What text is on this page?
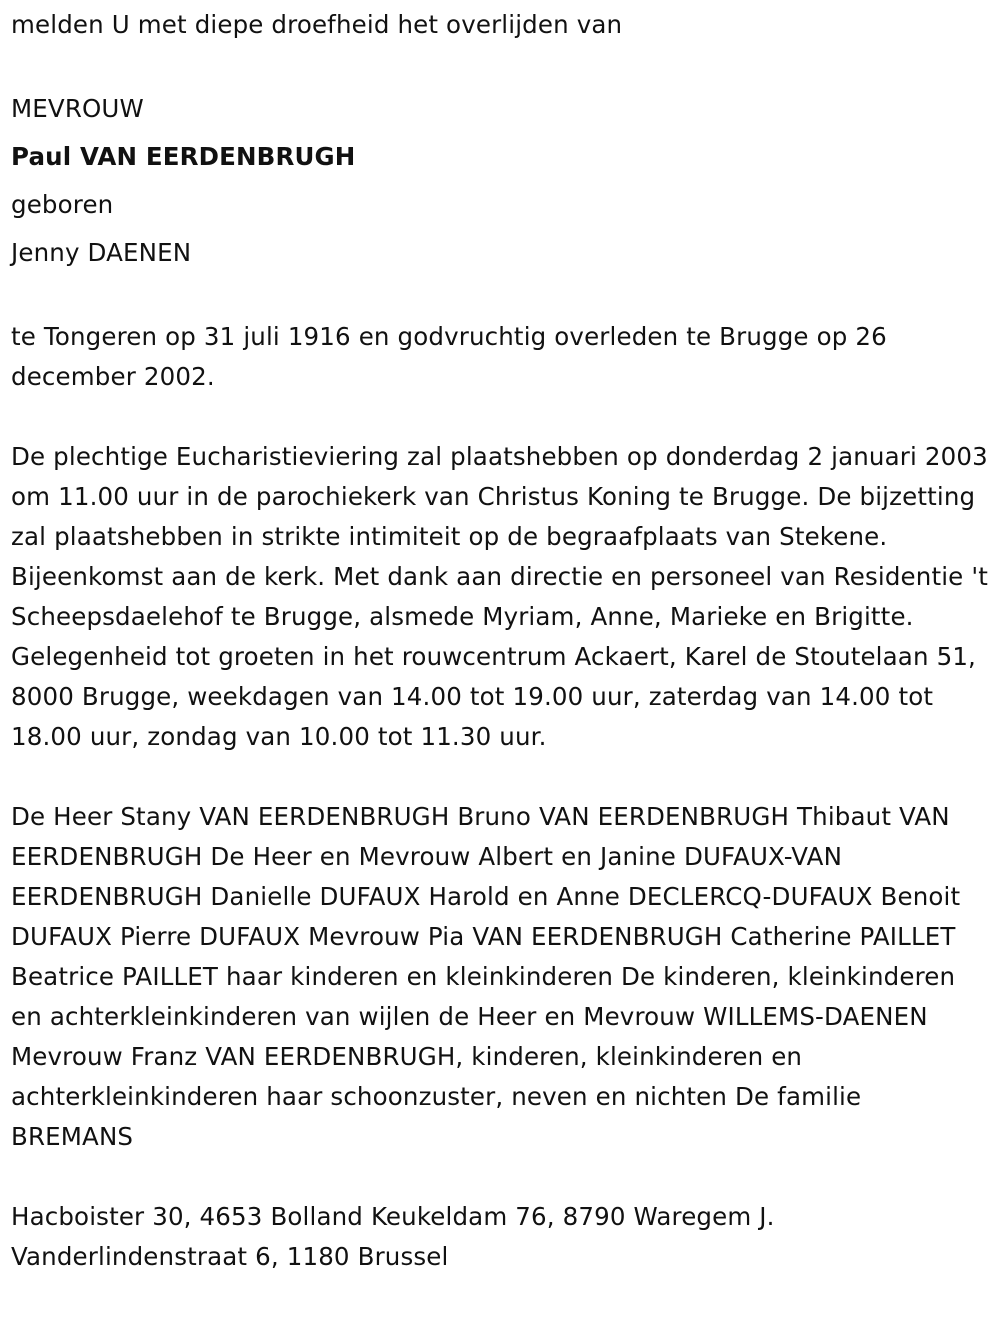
melden U met diepe droefheid het overlijden van

MEVROUW

Paul VAN EERDENBRUGH

geboren

Jenny DAENEN

te Tongeren op 31 juli 1916 en godvruchtig overleden te Brugge op 26 december 2002.

De plechtige Eucharistieviering zal plaatshebben op donderdag 2 januari 2003 om 11.00 uur in de parochiekerk van Christus Koning te Brugge. De bijzetting zal plaatshebben in strikte intimiteit op de begraafplaats van Stekene. Bijeenkomst aan de kerk. Met dank aan directie en personeel van Residentie 't Scheepsdaelehof te Brugge, alsmede Myriam, Anne, Marieke en Brigitte. Gelegenheid tot groeten in het rouwcentrum Ackaert, Karel de Stoutelaan 51, 8000 Brugge, weekdagen van 14.00 tot 19.00 uur, zaterdag van 14.00 tot 18.00 uur, zondag van 10.00 tot 11.30 uur.

De Heer Stany VAN EERDENBRUGH Bruno VAN EERDENBRUGH Thibaut VAN EERDENBRUGH De Heer en Mevrouw Albert en Janine DUFAUX-VAN EERDENBRUGH Danielle DUFAUX Harold en Anne DECLERCQ-DUFAUX Benoit DUFAUX Pierre DUFAUX Mevrouw Pia VAN EERDENBRUGH Catherine PAILLET Beatrice PAILLET haar kinderen en kleinkinderen De kinderen, kleinkinderen en achterkleinkinderen van wijlen de Heer en Mevrouw WILLEMS-DAENEN Mevrouw Franz VAN EERDENBRUGH, kinderen, kleinkinderen en achterkleinkinderen haar schoonzuster, neven en nichten De familie BREMANS

Hacboister 30, 4653 Bolland Keukeldam 76, 8790 Waregem J. Vanderlindenstraat 6, 1180 Brussel
